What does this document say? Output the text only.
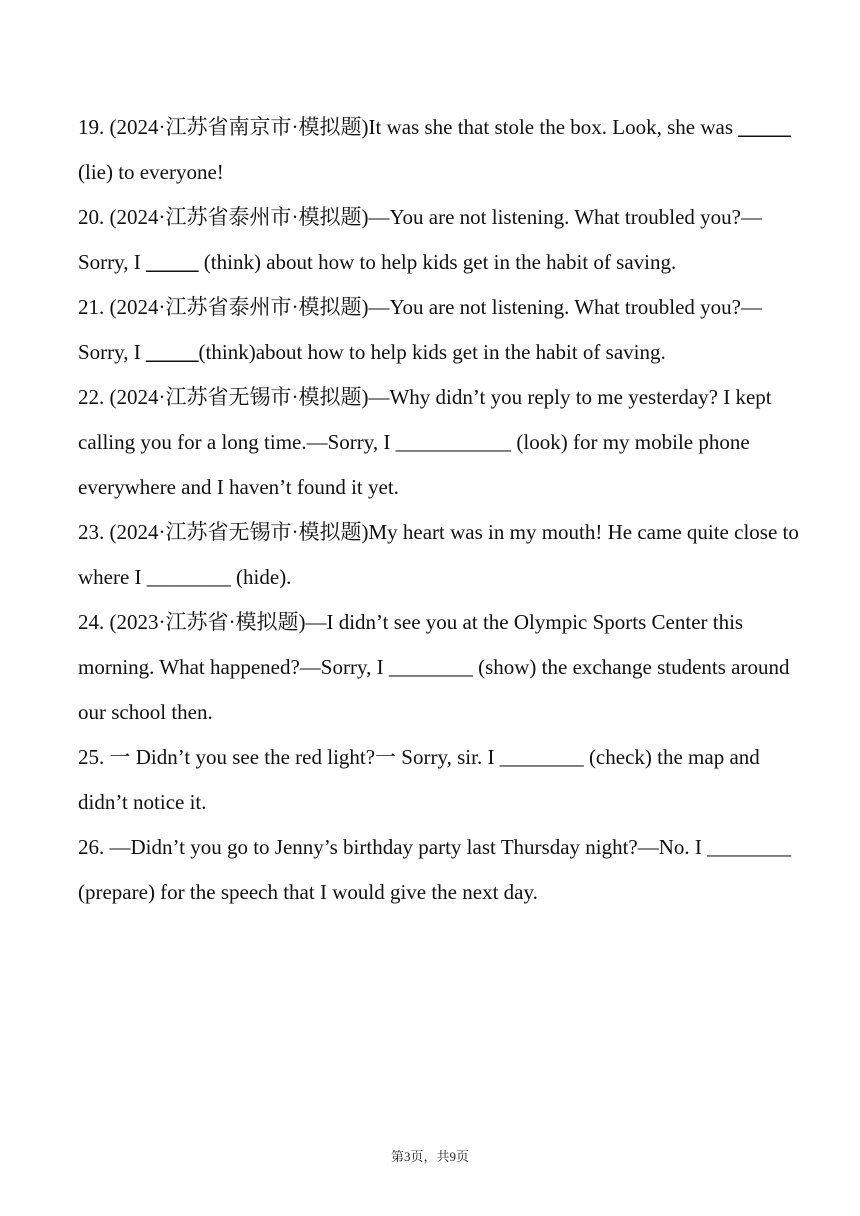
19. (2024·江苏省南京市·模拟题)It was she that stole the box. Look, she was _____ (lie) to everyone!

20. (2024·江苏省泰州市·模拟题)—You are not listening. What troubled you?—Sorry, I _____ (think) about how to help kids get in the habit of saving.

21. (2024·江苏省泰州市·模拟题)—You are not listening. What troubled you?—Sorry, I _____(think)about how to help kids get in the habit of saving.

22. (2024·江苏省无锡市·模拟题)—Why didn’t you reply to me yesterday? I kept calling you for a long time.—Sorry, I ___________ (look) for my mobile phone everywhere and I haven’t found it yet.

23. (2024·江苏省无锡市·模拟题)My heart was in my mouth! He came quite close to where I ________ (hide).

24. (2023·江苏省·模拟题)—I didn’t see you at the Olympic Sports Center this morning. What happened?—Sorry, I ________ (show) the exchange students around our school then.

25. 一 Didn’t you see the red light?一 Sorry, sir. I ________ (check) the map and didn’t notice it.

26. —Didn’t you go to Jenny’s birthday party last Thursday night?—No. I ________ (prepare) for the speech that I would give the next day.

第3页，共9页
